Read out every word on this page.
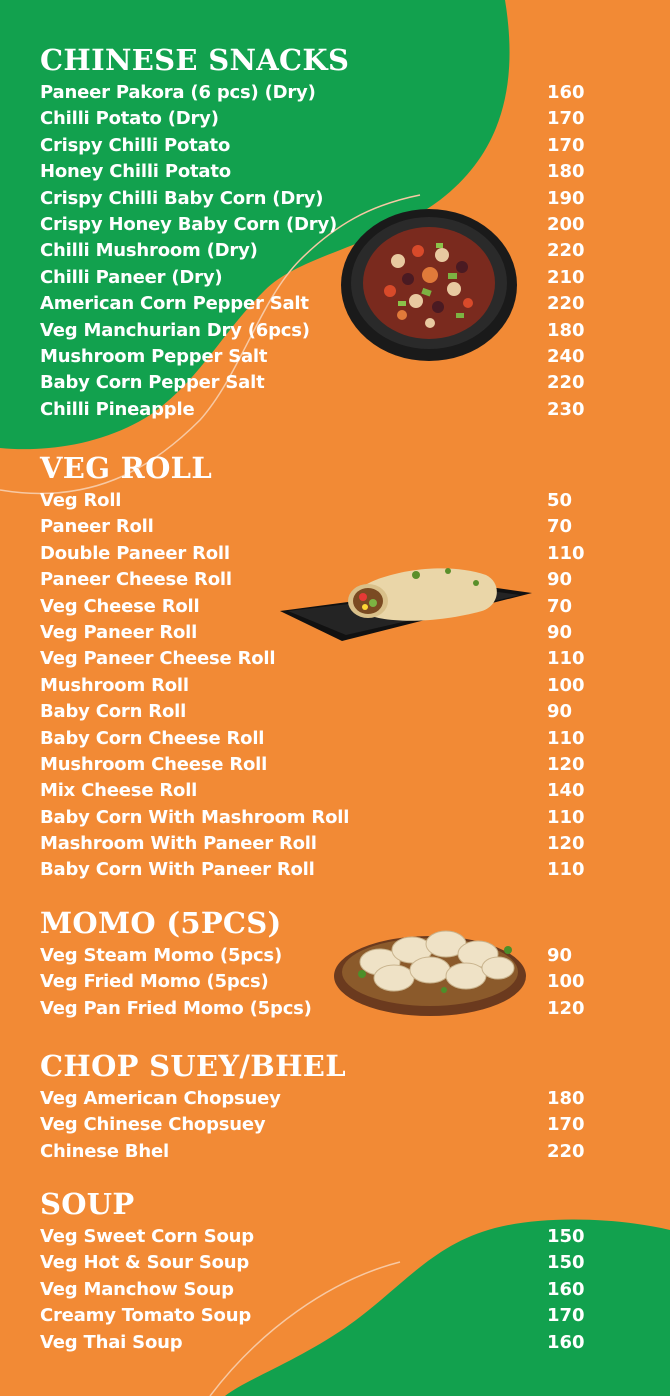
CHINESE SNACKS
Paneer Pakora (6 pcs) (Dry)	160
Chilli Potato (Dry)	170
Crispy Chilli Potato	170
Honey Chilli Potato	180
Crispy Chilli Baby Corn (Dry)	190
Crispy Honey Baby Corn (Dry)	200
Chilli Mushroom (Dry)	220
Chilli Paneer (Dry)	210
American Corn Pepper Salt	220
Veg Manchurian Dry (6pcs)	180
Mushroom Pepper Salt	240
Baby Corn Pepper Salt	220
Chilli Pineapple	230
VEG ROLL
Veg Roll	50
Paneer Roll	70
Double Paneer Roll	110
Paneer Cheese Roll	90
Veg Cheese Roll	70
Veg Paneer Roll	90
Veg Paneer Cheese Roll	110
Mushroom Roll	100
Baby Corn Roll	90
Baby Corn Cheese Roll	110
Mushroom Cheese Roll	120
Mix Cheese Roll	140
Baby Corn With Mashroom Roll	110
Mashroom With Paneer Roll	120
Baby Corn With Paneer Roll	110
MOMO (5PCS)
Veg Steam Momo (5pcs)	90
Veg Fried Momo (5pcs)	100
Veg Pan Fried Momo (5pcs)	120
CHOP SUEY/BHEL
Veg American Chopsuey	180
Veg Chinese Chopsuey	170
Chinese Bhel	220
SOUP
Veg Sweet Corn Soup	150
Veg Hot & Sour Soup	150
Veg Manchow Soup	160
Creamy Tomato Soup	170
Veg Thai Soup	160
